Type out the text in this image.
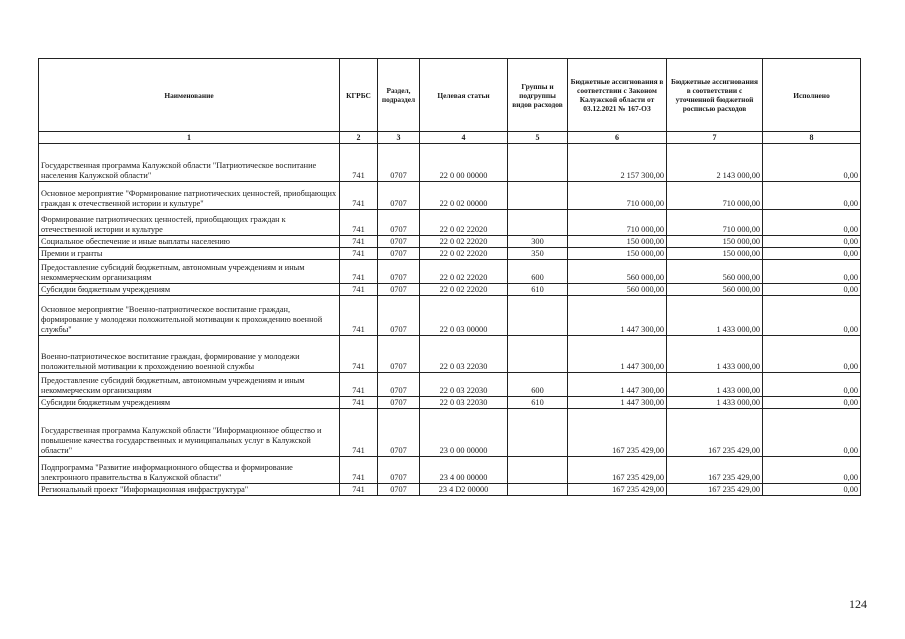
Наименование	КГРБС	Раздел, подраздел	Целевая статьи	Группы и подгруппы видов расходов	Бюджетные ассигнования в соответствии с Законом Калужской области от 03.12.2021 № 167-ОЗ	Бюджетные ассигнования в соответствии с уточненной бюджетной росписью расходов	Исполнено
1	2	3	4	5	6	7	8
Государственная программа Калужской области "Патриотическое воспитание населения Калужской области"	741	0707	22 0 00 00000		2 157 300,00	2 143 000,00	0,00
Основное мероприятие "Формирование патриотических ценностей, приобщающих граждан к отечественной истории и культуре"	741	0707	22 0 02 00000		710 000,00	710 000,00	0,00
Формирование патриотических ценностей, приобщающих граждан к отечественной истории и культуре	741	0707	22 0 02 22020		710 000,00	710 000,00	0,00
Социальное обеспечение и иные выплаты населению	741	0707	22 0 02 22020	300	150 000,00	150 000,00	0,00
Премии и гранты	741	0707	22 0 02 22020	350	150 000,00	150 000,00	0,00
Предоставление субсидий бюджетным, автономным учреждениям и иным некоммерческим организациям	741	0707	22 0 02 22020	600	560 000,00	560 000,00	0,00
Субсидии бюджетным учреждениям	741	0707	22 0 02 22020	610	560 000,00	560 000,00	0,00
Основное мероприятие "Военно-патриотическое воспитание граждан, формирование у молодежи положительной мотивации к прохождению военной службы"	741	0707	22 0 03 00000		1 447 300,00	1 433 000,00	0,00
Военно-патриотическое воспитание граждан, формирование у молодежи положительной мотивации к прохождению военной службы	741	0707	22 0 03 22030		1 447 300,00	1 433 000,00	0,00
Предоставление субсидий бюджетным, автономным учреждениям и иным некоммерческим организациям	741	0707	22 0 03 22030	600	1 447 300,00	1 433 000,00	0,00
Субсидии бюджетным учреждениям	741	0707	22 0 03 22030	610	1 447 300,00	1 433 000,00	0,00
Государственная программа Калужской области "Информационное общество и повышение качества государственных и муниципальных услуг в Калужской области"	741	0707	23 0 00 00000		167 235 429,00	167 235 429,00	0,00
Подпрограмма "Развитие информационного общества и формирование электронного правительства в Калужской области"	741	0707	23 4 00 00000		167 235 429,00	167 235 429,00	0,00
Региональный проект "Информационная инфраструктура"	741	0707	23 4 D2 00000		167 235 429,00	167 235 429,00	0,00
124
